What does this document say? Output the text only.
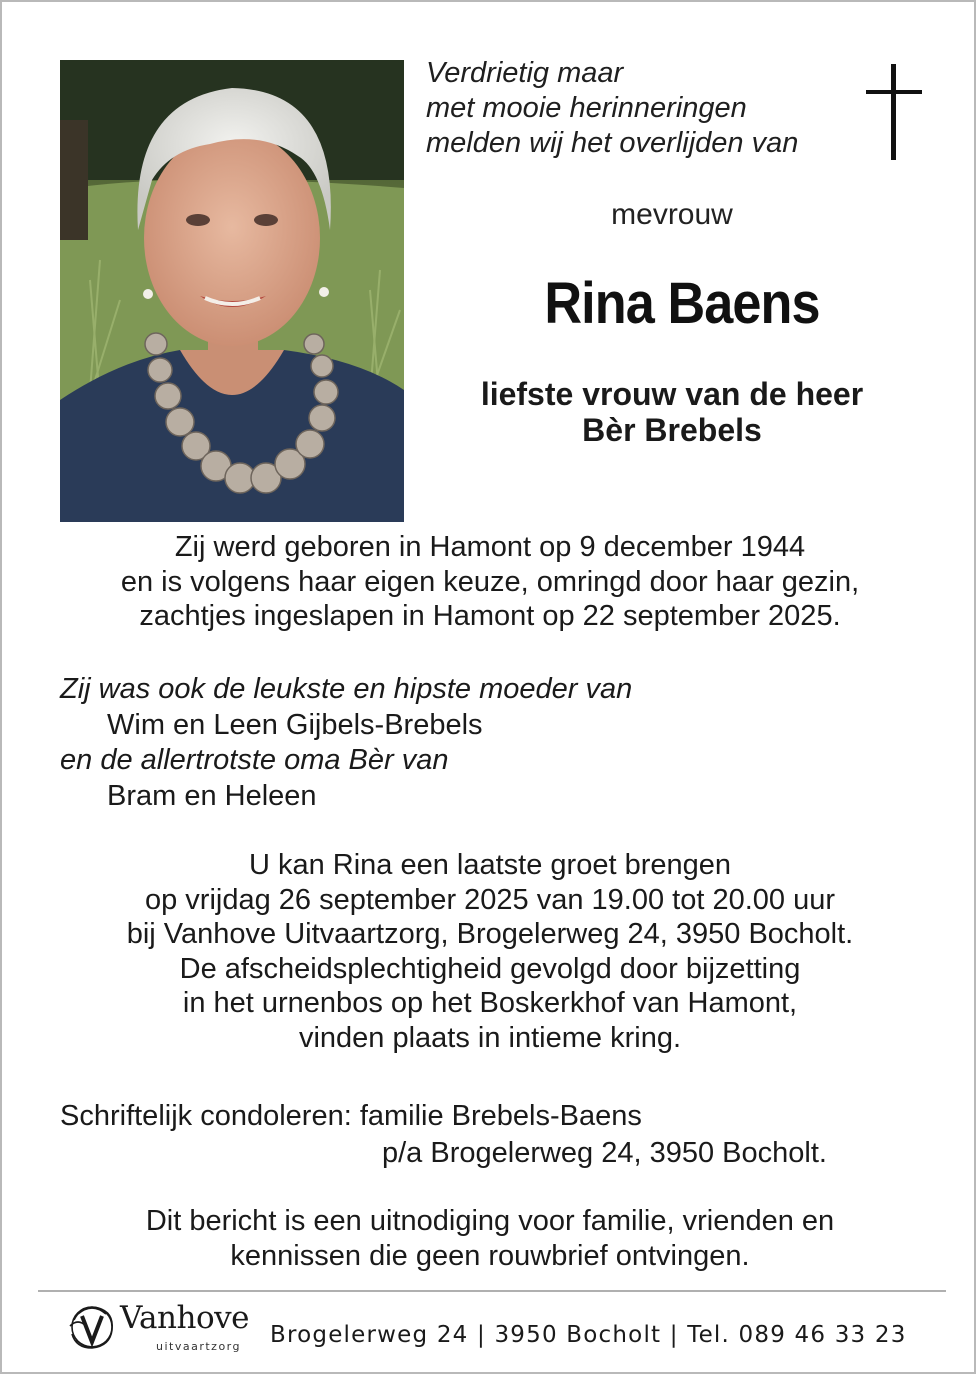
Verdrietig maar
met mooie herinneringen
melden wij het overlijden van
mevrouw
Rina Baens
liefste vrouw van de heer
Bèr Brebels
Zij werd geboren in Hamont op 9 december 1944
en is volgens haar eigen keuze, omringd door haar gezin,
zachtjes ingeslapen in Hamont op 22 september 2025.
Zij was ook de leukste en hipste moeder van
Wim en Leen Gijbels-Brebels
en de allertrotste oma Bèr van
Bram en Heleen
U kan Rina een laatste groet brengen
op vrijdag 26 september 2025 van 19.00 tot 20.00 uur
bij Vanhove Uitvaartzorg, Brogelerweg 24, 3950 Bocholt.
De afscheidsplechtigheid gevolgd door bijzetting
in het urnenbos op het Boskerkhof van Hamont,
vinden plaats in intieme kring.
Schriftelijk condoleren: familie Brebels-Baens
p/a Brogelerweg 24, 3950 Bocholt.
Dit bericht is een uitnodiging voor familie, vrienden en
kennissen die geen rouwbrief ontvingen.
Vanhove
uitvaartzorg Brogelerweg 24 | 3950 Bocholt | Tel. 089 46 33 23
